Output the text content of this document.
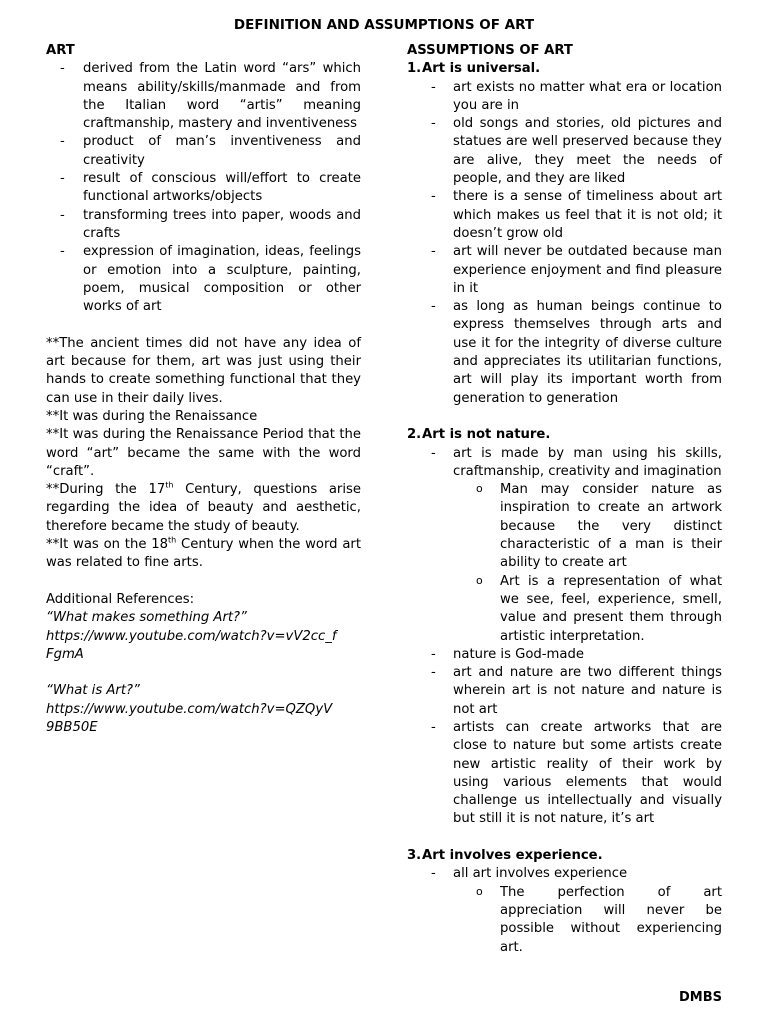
DEFINITION AND ASSUMPTIONS OF ART
ART
- derived from the Latin word “ars” which means ability/skills/manmade and from the Italian word “artis” meaning craftmanship, mastery and inventiveness
- product of man’s inventiveness and creativity
- result of conscious will/effort to create functional artworks/objects
- transforming trees into paper, woods and crafts
- expression of imagination, ideas, feelings or emotion into a sculpture, painting, poem, musical composition or other works of art

**The ancient times did not have any idea of art because for them, art was just using their hands to create something functional that they can use in their daily lives.

**It was during the Renaissance

**It was during the Renaissance Period that the word “art” became the same with the word “craft”.

**During the 17th Century, questions arise regarding the idea of beauty and aesthetic, therefore became the study of beauty.

**It was on the 18th Century when the word art was related to fine arts.

Additional References:

“What makes something Art?”

https://www.youtube.com/watch?v=vV2cc_f
FgmA

“What is Art?”

https://www.youtube.com/watch?v=QZQyV
9BB50E

ASSUMPTIONS OF ART
1. Art is universal.
- art exists no matter what era or location you are in
- old songs and stories, old pictures and statues are well preserved because they are alive, they meet the needs of people, and they are liked
- there is a sense of timeliness about art which makes us feel that it is not old; it doesn’t grow old
- art will never be outdated because man experience enjoyment and find pleasure in it
- as long as human beings continue to express themselves through arts and use it for the integrity of diverse culture and appreciates its utilitarian functions, art will play its important worth from generation to generation
2. Art is not nature.
- art is made by man using his skills, craftmanship, creativity and imagination
o Man may consider nature as inspiration to create an artwork because the very distinct characteristic of a man is their ability to create art
o Art is a representation of what we see, feel, experience, smell, value and present them through artistic interpretation.
- nature is God-made
- art and nature are two different things wherein art is not nature and nature is not art
- artists can create artworks that are close to nature but some artists create new artistic reality of their work by using various elements that would challenge us intellectually and visually but still it is not nature, it’s art
3. Art involves experience.
- all art involves experience
o The perfection of art appreciation will never be possible without experiencing art.
DMBS
